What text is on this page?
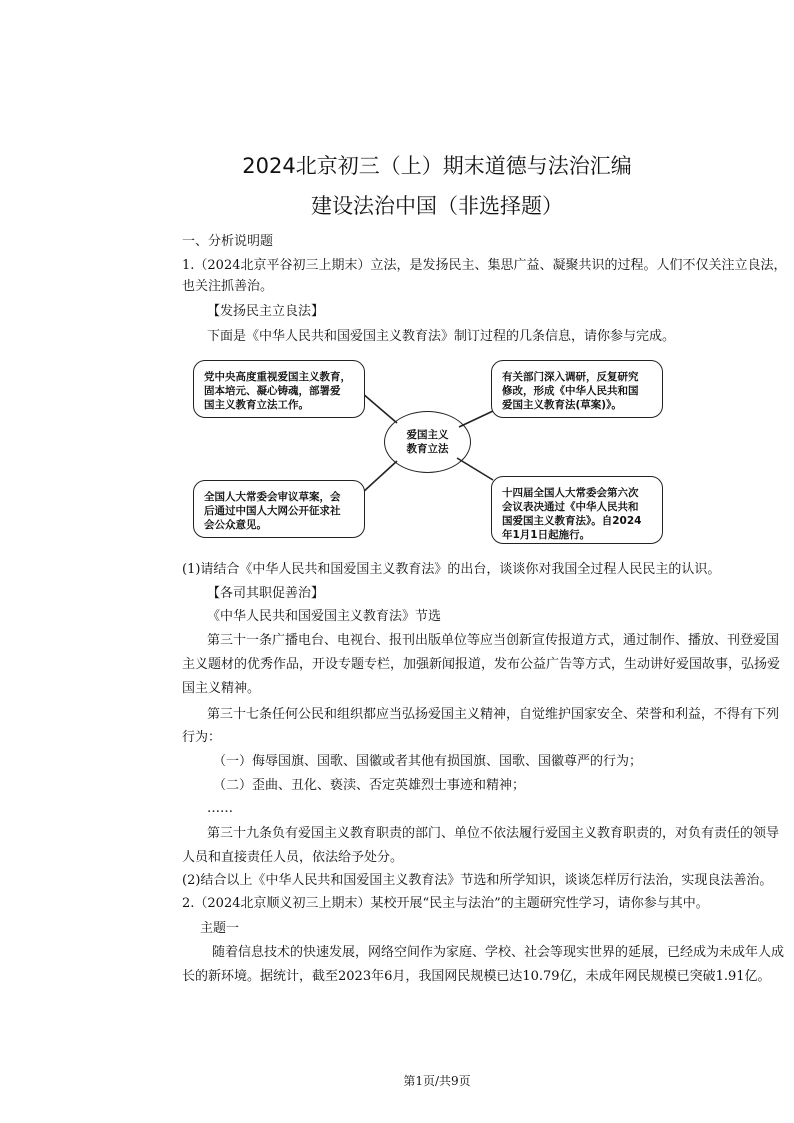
2024北京初三（上）期末道德与法治汇编
建设法治中国（非选择题）
一、分析说明题
1.（2024北京平谷初三上期末）立法，是发扬民主、集思广益、凝聚共识的过程。人们不仅关注立良法，
也关注抓善治。
【发扬民主立良法】
下面是《中华人民共和国爱国主义教育法》制订过程的几条信息，请你参与完成。
党中央高度重视爱国主义教育，
固本培元、凝心铸魂，部署爱
国主义教育立法工作。
有关部门深入调研，反复研究
修改，形成《中华人民共和国
爱国主义教育法(草案)》。
全国人大常委会审议草案，会
后通过中国人大网公开征求社
会公众意见。
十四届全国人大常委会第六次
会议表决通过《中华人民共和
国爱国主义教育法》。自2024
年1月1日起施行。
爱国主义
教育立法
(1)请结合《中华人民共和国爱国主义教育法》的出台，谈谈你对我国全过程人民民主的认识。
【各司其职促善治】
《中华人民共和国爱国主义教育法》节选
第三十一条广播电台、电视台、报刊出版单位等应当创新宣传报道方式，通过制作、播放、刊登爱国
主义题材的优秀作品，开设专题专栏，加强新闻报道，发布公益广告等方式，生动讲好爱国故事，弘扬爱
国主义精神。
第三十七条任何公民和组织都应当弘扬爱国主义精神，自觉维护国家安全、荣誉和利益，不得有下列
行为：
（一）侮辱国旗、国歌、国徽或者其他有损国旗、国歌、国徽尊严的行为；
（二）歪曲、丑化、亵渎、否定英雄烈士事迹和精神；
……
第三十九条负有爱国主义教育职责的部门、单位不依法履行爱国主义教育职责的，对负有责任的领导
人员和直接责任人员，依法给予处分。
(2)结合以上《中华人民共和国爱国主义教育法》节选和所学知识，谈谈怎样厉行法治，实现良法善治。
2.（2024北京顺义初三上期末）某校开展“民主与法治”的主题研究性学习，请你参与其中。
主题一
随着信息技术的快速发展，网络空间作为家庭、学校、社会等现实世界的延展，已经成为未成年人成
长的新环境。据统计，截至2023年6月，我国网民规模已达10.79亿，未成年网民规模已突破1.91亿。
第1页/共9页
